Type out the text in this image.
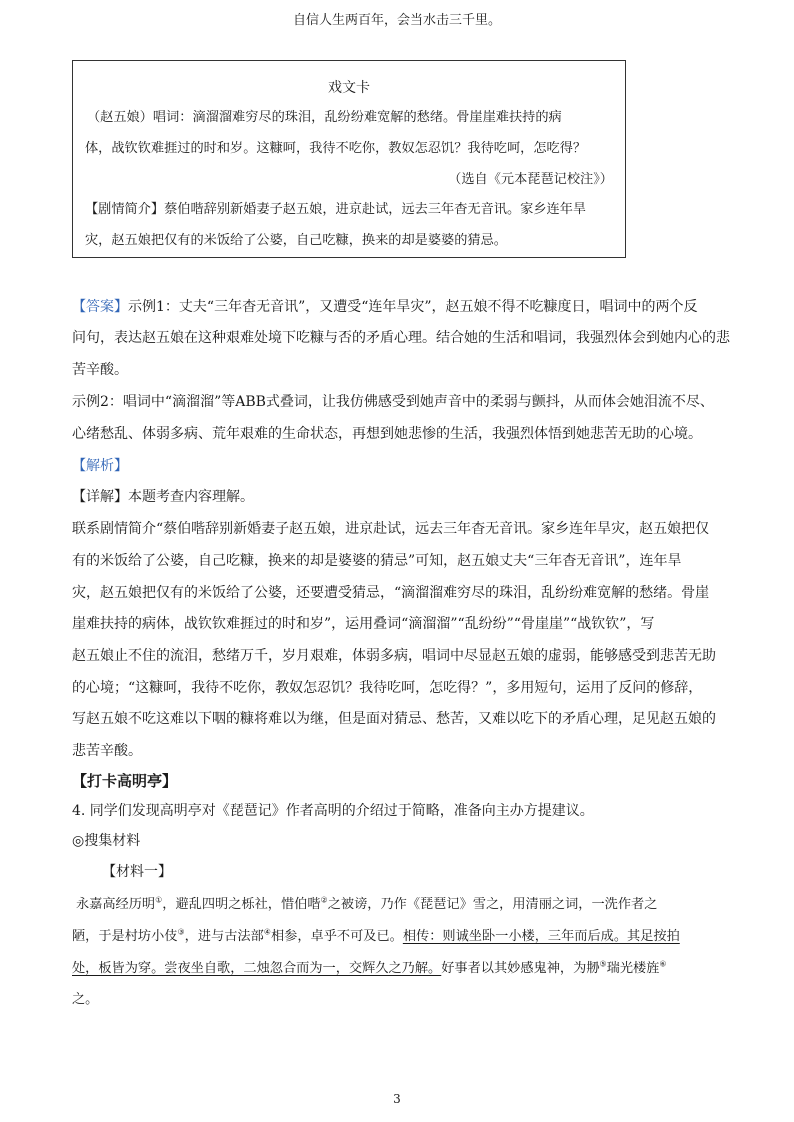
自信人生两百年，会当水击三千里。
戏文卡
（赵五娘）唱词：滴溜溜难穷尽的珠泪，乱纷纷难宽解的愁绪。骨崖崖难扶持的病
体，战钦钦难捱过的时和岁。这糠呵，我待不吃你，教奴怎忍饥？我待吃呵，怎吃得？
（选自《元本琵琶记校注》）
【剧情简介】蔡伯喈辞别新婚妻子赵五娘，进京赴试，远去三年杳无音讯。家乡连年旱
灾，赵五娘把仅有的米饭给了公婆，自己吃糠，换来的却是婆婆的猜忌。
【答案】示例1：丈夫“三年杳无音讯”，又遭受“连年旱灾”，赵五娘不得不吃糠度日，唱词中的两个反
问句，表达赵五娘在这种艰难处境下吃糠与否的矛盾心理。结合她的生活和唱词，我强烈体会到她内心的悲
苦辛酸。
示例2：唱词中“滴溜溜”等ABB式叠词，让我仿佛感受到她声音中的柔弱与颤抖，从而体会她泪流不尽、
心绪愁乱、体弱多病、荒年艰难的生命状态，再想到她悲惨的生活，我强烈体悟到她悲苦无助的心境。
【解析】
【详解】本题考查内容理解。
联系剧情简介“蔡伯喈辞别新婚妻子赵五娘，进京赴试，远去三年杳无音讯。家乡连年旱灾，赵五娘把仅
有的米饭给了公婆，自己吃糠，换来的却是婆婆的猜忌”可知，赵五娘丈夫“三年杳无音讯”，连年旱
灾，赵五娘把仅有的米饭给了公婆，还要遭受猜忌，“滴溜溜难穷尽的珠泪，乱纷纷难宽解的愁绪。骨崖
崖难扶持的病体，战钦钦难捱过的时和岁”，运用叠词“滴溜溜”“乱纷纷”“骨崖崖”“战钦钦”，写
赵五娘止不住的流泪，愁绪万千，岁月艰难，体弱多病，唱词中尽显赵五娘的虚弱，能够感受到悲苦无助
的心境；“这糠呵，我待不吃你，教奴怎忍饥？我待吃呵，怎吃得？”，多用短句，运用了反问的修辞，
写赵五娘不吃这难以下咽的糠将难以为继，但是面对猜忌、愁苦，又难以吃下的矛盾心理，足见赵五娘的
悲苦辛酸。
【打卡高明亭】
4. 同学们发现高明亭对《琵琶记》作者高明的介绍过于简略，准备向主办方提建议。
◎搜集材料
【材料一】
永嘉高经历明①，避乱四明之栎社，惜伯喈②之被谤，乃作《琵琶记》雪之，用清丽之词，一洗作者之
陋，于是村坊小伎③，进与古法部④相参，卓乎不可及已。相传：则诚坐卧一小楼，三年而后成。其足按拍
处，板皆为穿。尝夜坐自歌，二烛忽合而为一，交辉久之乃解。好事者以其妙感鬼神，为刱⑤瑞光楼旌⑥
之。
3
